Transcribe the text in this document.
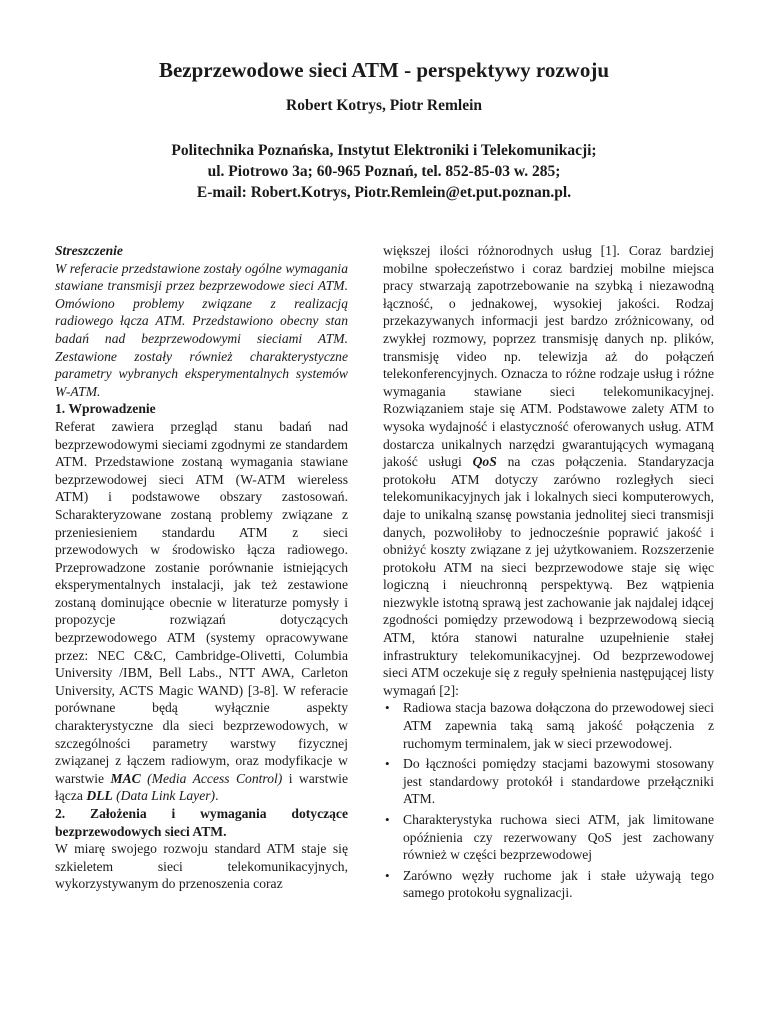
Bezprzewodowe sieci ATM - perspektywy rozwoju
Robert Kotrys, Piotr Remlein
Politechnika Poznańska, Instytut Elektroniki i Telekomunikacji;
ul. Piotrowo 3a; 60-965 Poznań, tel. 852-85-03 w. 285;
E-mail: Robert.Kotrys, Piotr.Remlein@et.put.poznan.pl.

Streszczenie

W referacie przedstawione zostały ogólne wymagania stawiane transmisji przez bezprzewodowe sieci ATM. Omówiono problemy związane z realizacją radiowego łącza ATM. Przedstawiono obecny stan badań nad bezprzewodowymi sieciami ATM. Zestawione zostały również charakterystyczne parametry wybranych eksperymentalnych systemów W-ATM.

1. Wprowadzenie

Referat zawiera przegląd stanu badań nad bezprzewodowymi sieciami zgodnymi ze standardem ATM. Przedstawione zostaną wymagania stawiane bezprzewodowej sieci ATM (W-ATM wiereless ATM) i podstawowe obszary zastosowań. Scharakteryzowane zostaną problemy związane z przeniesieniem standardu ATM z sieci przewodowych w środowisko łącza radiowego. Przeprowadzone zostanie porównanie istniejących eksperymentalnych instalacji, jak też zestawione zostaną dominujące obecnie w literaturze pomysły i propozycje rozwiązań dotyczących bezprzewodowego ATM (systemy opracowywane przez: NEC C&C, Cambridge-Olivetti, Columbia University /IBM, Bell Labs., NTT AWA, Carleton University, ACTS Magic WAND) [3-8]. W referacie porównane będą wyłącznie aspekty charakterystyczne dla sieci bezprzewodowych, w szczególności parametry warstwy fizycznej związanej z łączem radiowym, oraz modyfikacje w warstwie MAC (Media Access Control) i warstwie łącza DLL (Data Link Layer).

2. Założenia i wymagania dotyczące bezprzewodowych sieci ATM.

W miarę swojego rozwoju standard ATM staje się szkieletem sieci telekomunikacyjnych, wykorzystywanym do przenoszenia coraz

większej ilości różnorodnych usług [1]. Coraz bardziej mobilne społeczeństwo i coraz bardziej mobilne miejsca pracy stwarzają zapotrzebowanie na szybką i niezawodną łączność, o jednakowej, wysokiej jakości. Rodzaj przekazywanych informacji jest bardzo zróżnicowany, od zwykłej rozmowy, poprzez transmisję danych np. plików, transmisję video np. telewizja aż do połączeń telekonferencyjnych. Oznacza to różne rodzaje usług i różne wymagania stawiane sieci telekomunikacyjnej. Rozwiązaniem staje się ATM. Podstawowe zalety ATM to wysoka wydajność i elastyczność oferowanych usług. ATM dostarcza unikalnych narzędzi gwarantujących wymaganą jakość usługi QoS na czas połączenia. Standaryzacja protokołu ATM dotyczy zarówno rozległych sieci telekomunikacyjnych jak i lokalnych sieci komputerowych, daje to unikalną szansę powstania jednolitej sieci transmisji danych, pozwoliłoby to jednocześnie poprawić jakość i obniżyć koszty związane z jej użytkowaniem. Rozszerzenie protokołu ATM na sieci bezprzewodowe staje się więc logiczną i nieuchronną perspektywą. Bez wątpienia niezwykle istotną sprawą jest zachowanie jak najdalej idącej zgodności pomiędzy przewodową i bezprzewodową siecią ATM, która stanowi naturalne uzupełnienie stałej infrastruktury telekomunikacyjnej. Od bezprzewodowej sieci ATM oczekuje się z reguły spełnienia następującej listy wymagań [2]:

• Radiowa stacja bazowa dołączona do przewodowej sieci ATM zapewnia taką samą jakość połączenia z ruchomym terminalem, jak w sieci przewodowej.
• Do łączności pomiędzy stacjami bazowymi stosowany jest standardowy protokół i standardowe przełączniki ATM.
• Charakterystyka ruchowa sieci ATM, jak limitowane opóźnienia czy rezerwowany QoS jest zachowany również w części bezprzewodowej
• Zarówno węzły ruchome jak i stałe używają tego samego protokołu sygnalizacji.
